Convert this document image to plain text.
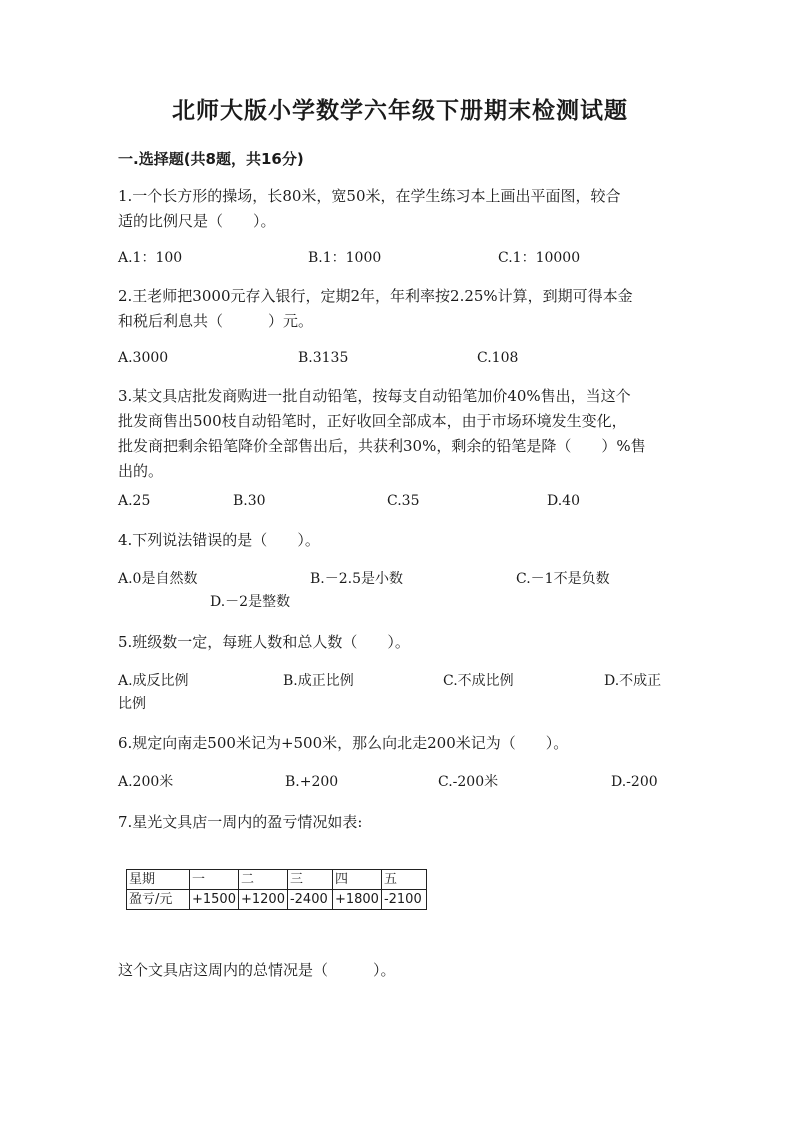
北师大版小学数学六年级下册期末检测试题
一.选择题(共8题，共16分)
1.一个长方形的操场，长80米，宽50米，在学生练习本上画出平面图，较合
适的比例尺是（　　）。
A.1：100	B.1：1000	C.1：10000
2.王老师把3000元存入银行，定期2年，年利率按2.25%计算，到期可得本金
和税后利息共（　　　）元。
A.3000	B.3135	C.108
3.某文具店批发商购进一批自动铅笔，按每支自动铅笔加价40%售出，当这个
批发商售出500枝自动铅笔时，正好收回全部成本，由于市场环境发生变化，
批发商把剩余铅笔降价全部售出后，共获利30%，剩余的铅笔是降（　　）%售
出的。
A.25	B.30	C.35	D.40
4.下列说法错误的是（　　）。
A.0是自然数	B.－2.5是小数	C.－1不是负数
D.－2是整数
5.班级数一定，每班人数和总人数（　　）。
A.成反比例	B.成正比例	C.不成比例	D.不成正
比例
6.规定向南走500米记为+500米，那么向北走200米记为（　　）。
A.200米	B.+200	C.-200米	D.-200
7.星光文具店一周内的盈亏情况如表:
星期	一	二	三	四	五
盈亏/元	+1500	+1200	-2400	+1800	-2100
这个文具店这周内的总情况是（　　　）。
